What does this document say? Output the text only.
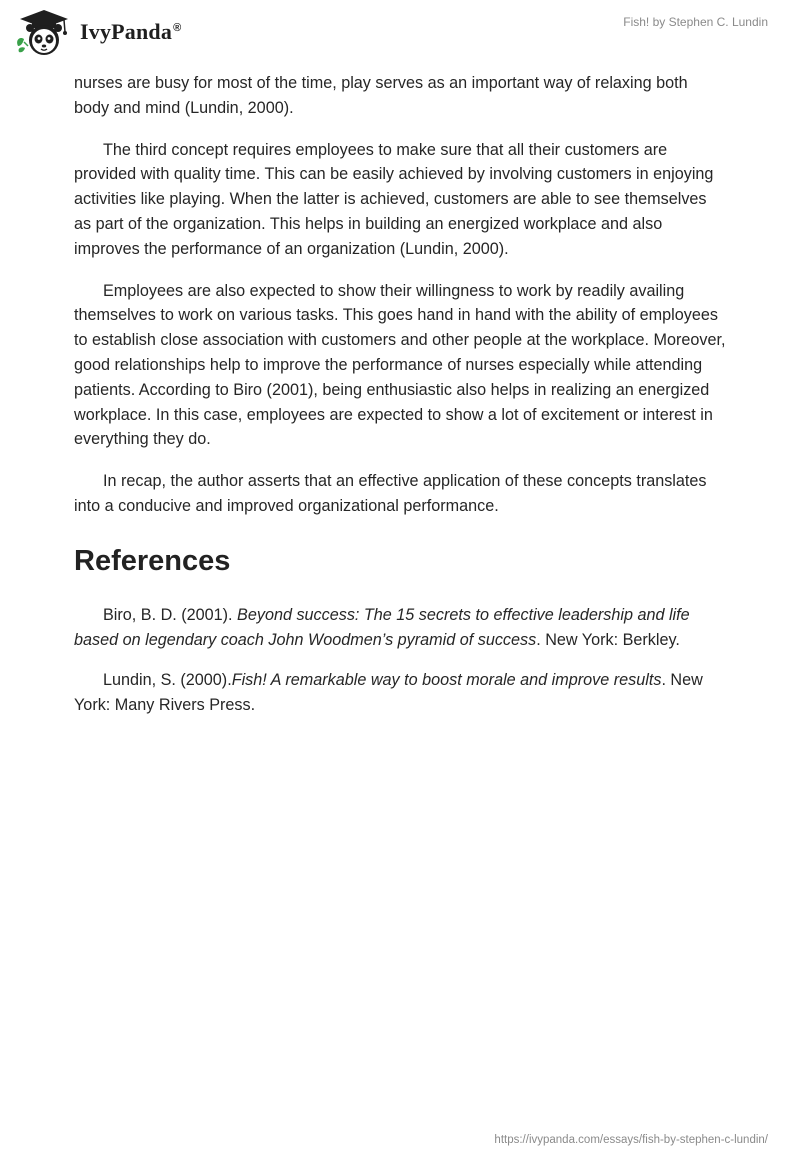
IvyPanda®	Fish! by Stephen C. Lundin

nurses are busy for most of the time, play serves as an important way of relaxing both body and mind (Lundin, 2000).

The third concept requires employees to make sure that all their customers are provided with quality time. This can be easily achieved by involving customers in enjoying activities like playing. When the latter is achieved, customers are able to see themselves as part of the organization. This helps in building an energized workplace and also improves the performance of an organization (Lundin, 2000).

Employees are also expected to show their willingness to work by readily availing themselves to work on various tasks. This goes hand in hand with the ability of employees to establish close association with customers and other people at the workplace. Moreover, good relationships help to improve the performance of nurses especially while attending patients. According to Biro (2001), being enthusiastic also helps in realizing an energized workplace. In this case, employees are expected to show a lot of excitement or interest in everything they do.

In recap, the author asserts that an effective application of these concepts translates into a conducive and improved organizational performance.

References

Biro, B. D. (2001). Beyond success: The 15 secrets to effective leadership and life based on legendary coach John Woodmen’s pyramid of success. New York: Berkley.

Lundin, S. (2000).Fish! A remarkable way to boost morale and improve results. New York: Many Rivers Press.

https://ivypanda.com/essays/fish-by-stephen-c-lundin/
